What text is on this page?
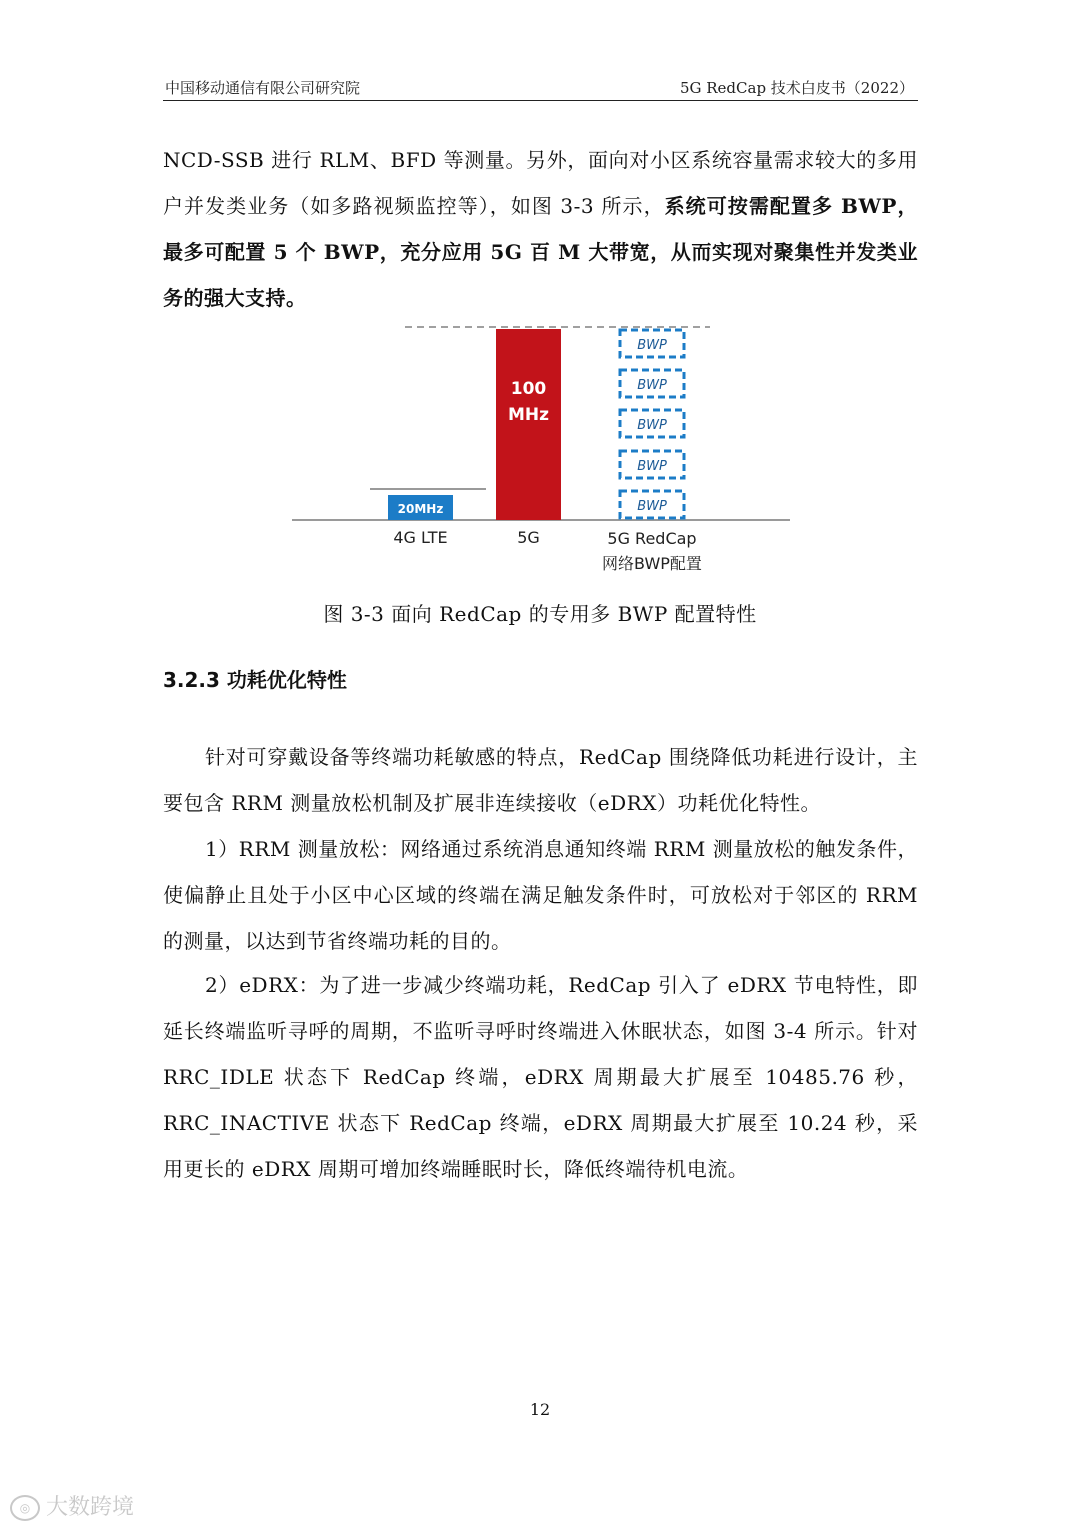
中国移动通信有限公司研究院	5G RedCap 技术白皮书（2022）

NCD-SSB 进行 RLM、BFD 等测量。另外，面向对小区系统容量需求较大的多用户并发类业务（如多路视频监控等），如图 3-3 所示，系统可按需配置多 BWP，最多可配置 5 个 BWP，充分应用 5G 百 M 大带宽，从而实现对聚集性并发类业务的强大支持。

20MHz
100
MHz
BWP
BWP
BWP
BWP
BWP
4G LTE	5G	5G RedCap
网络BWP配置
图 3-3 面向 RedCap 的专用多 BWP 配置特性
3.2.3 功耗优化特性

针对可穿戴设备等终端功耗敏感的特点，RedCap 围绕降低功耗进行设计，主要包含 RRM 测量放松机制及扩展非连续接收（eDRX）功耗优化特性。

1）RRM 测量放松：网络通过系统消息通知终端 RRM 测量放松的触发条件，使偏静止且处于小区中心区域的终端在满足触发条件时，可放松对于邻区的 RRM 的测量，以达到节省终端功耗的目的。

2）eDRX：为了进一步减少终端功耗，RedCap 引入了 eDRX 节电特性，即延长终端监听寻呼的周期，不监听寻呼时终端进入休眠状态，如图 3-4 所示。针对 RRC_IDLE 状态下 RedCap 终端，eDRX 周期最大扩展至 10485.76 秒，RRC_INACTIVE 状态下 RedCap 终端，eDRX 周期最大扩展至 10.24 秒，采用更长的 eDRX 周期可增加终端睡眠时长，降低终端待机电流。

12
◎ 大数跨境
